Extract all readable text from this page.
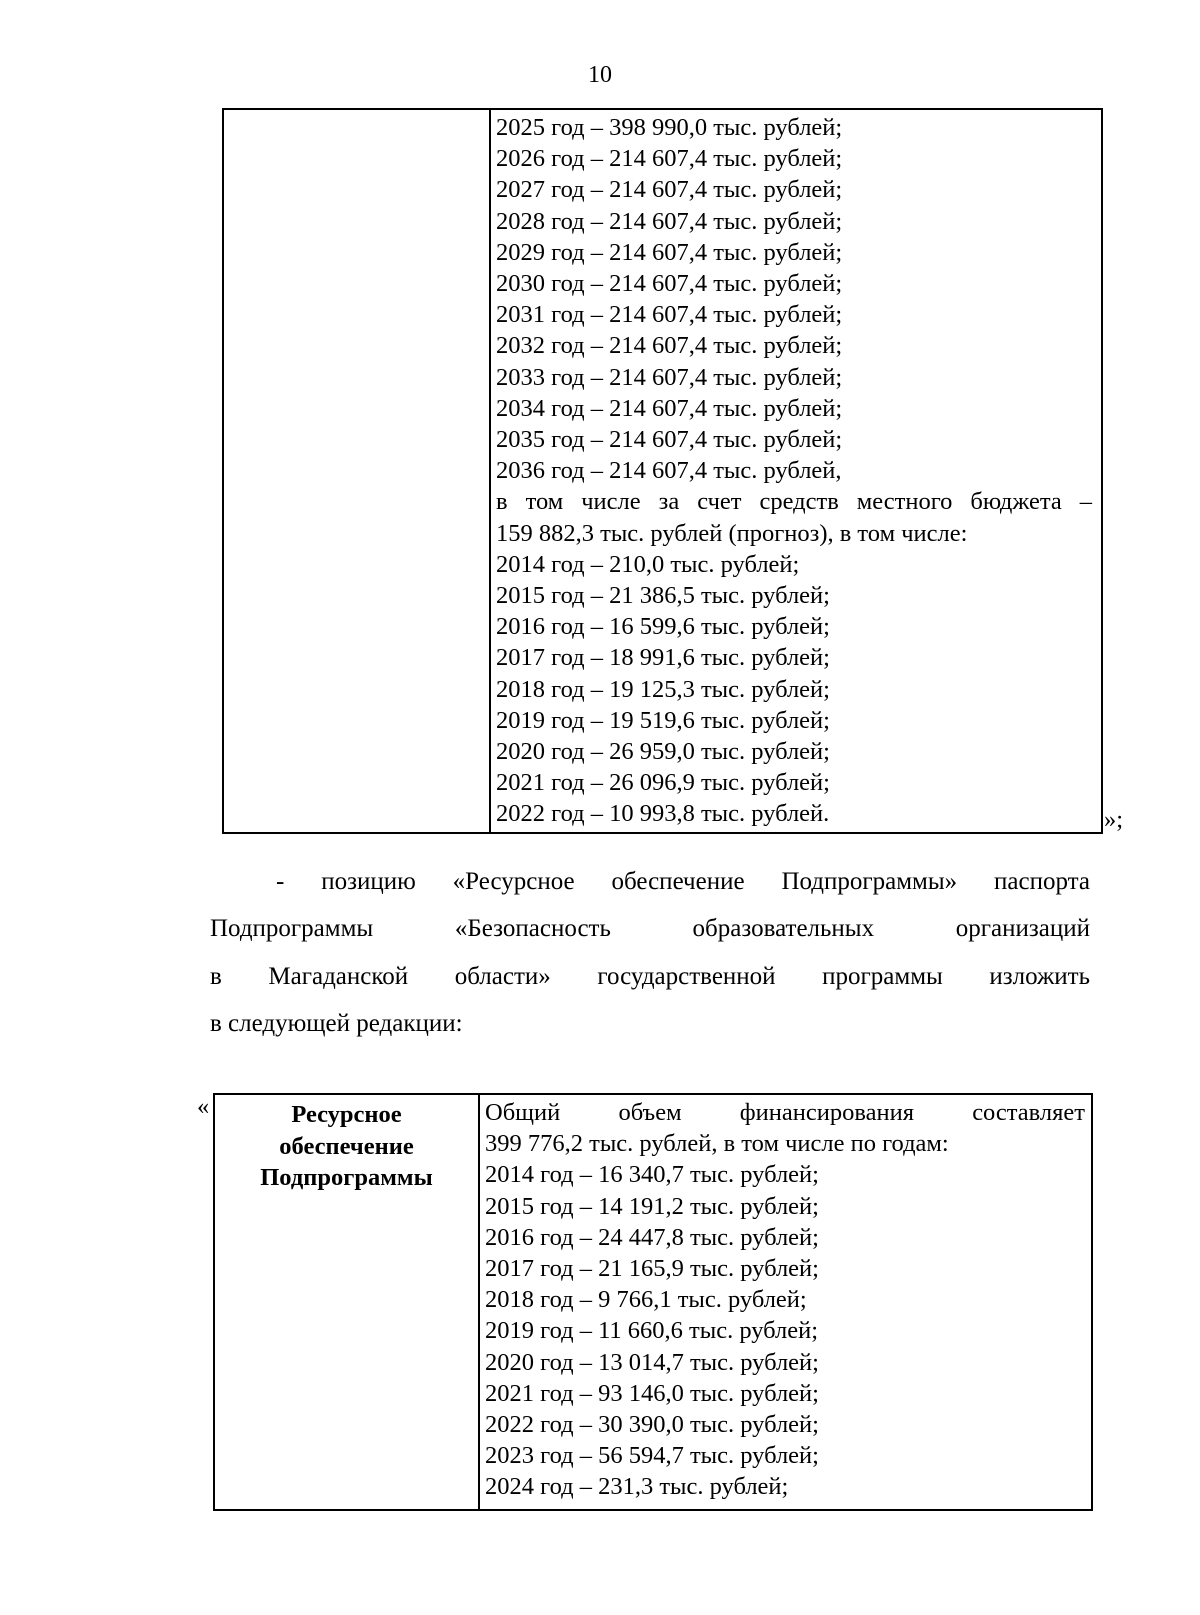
10
2025 год – 398 990,0 тыс. рублей;
2026 год – 214 607,4 тыс. рублей;
2027 год – 214 607,4 тыс. рублей;
2028 год – 214 607,4 тыс. рублей;
2029 год – 214 607,4 тыс. рублей;
2030 год – 214 607,4 тыс. рублей;
2031 год – 214 607,4 тыс. рублей;
2032 год – 214 607,4 тыс. рублей;
2033 год – 214 607,4 тыс. рублей;
2034 год – 214 607,4 тыс. рублей;
2035 год – 214 607,4 тыс. рублей;
2036 год – 214 607,4 тыс. рублей,
в том числе за счет средств местного бюджета –
159 882,3 тыс. рублей (прогноз), в том числе:
2014 год – 210,0 тыс. рублей;
2015 год – 21 386,5 тыс. рублей;
2016 год – 16 599,6 тыс. рублей;
2017 год – 18 991,6 тыс. рублей;
2018 год – 19 125,3 тыс. рублей;
2019 год – 19 519,6 тыс. рублей;
2020 год – 26 959,0 тыс. рублей;
2021 год – 26 096,9 тыс. рублей;
2022 год – 10 993,8 тыс. рублей.	»;
- позицию «Ресурсное обеспечение Подпрограммы» паспорта
Подпрограммы «Безопасность образовательных организаций
в Магаданской области» государственной программы изложить
в следующей редакции:
«	Ресурсное
обеспечение
Подпрограммы
Общий объем финансирования составляет
399 776,2 тыс. рублей, в том числе по годам:
2014 год – 16 340,7 тыс. рублей;
2015 год – 14 191,2 тыс. рублей;
2016 год – 24 447,8 тыс. рублей;
2017 год – 21 165,9 тыс. рублей;
2018 год – 9 766,1 тыс. рублей;
2019 год – 11 660,6 тыс. рублей;
2020 год – 13 014,7 тыс. рублей;
2021 год – 93 146,0 тыс. рублей;
2022 год – 30 390,0 тыс. рублей;
2023 год – 56 594,7 тыс. рублей;
2024 год – 231,3 тыс. рублей;
